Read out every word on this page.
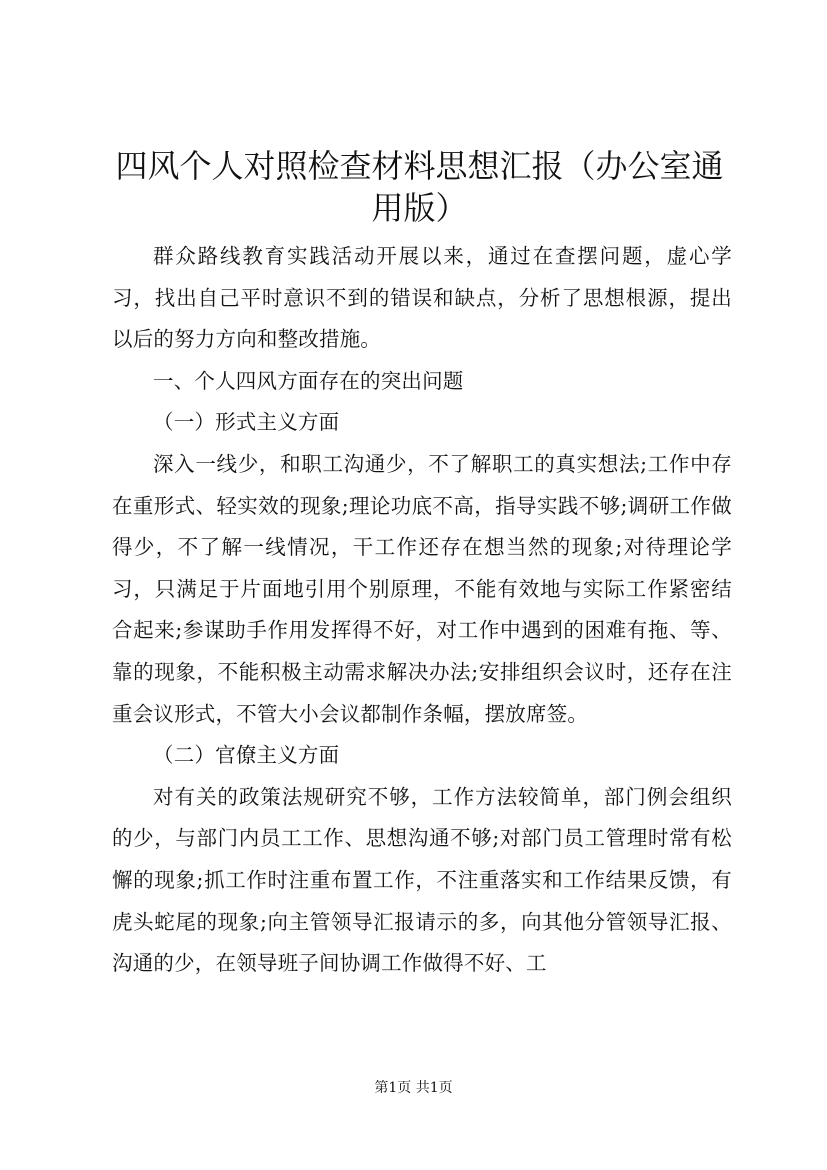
四风个人对照检查材料思想汇报（办公室通用版）

群众路线教育实践活动开展以来，通过在查摆问题，虚心学习，找出自己平时意识不到的错误和缺点，分析了思想根源，提出以后的努力方向和整改措施。

一、个人四风方面存在的突出问题

（一）形式主义方面

深入一线少，和职工沟通少，不了解职工的真实想法;工作中存在重形式、轻实效的现象;理论功底不高，指导实践不够;调研工作做得少，不了解一线情况，干工作还存在想当然的现象;对待理论学习，只满足于片面地引用个别原理，不能有效地与实际工作紧密结合起来;参谋助手作用发挥得不好，对工作中遇到的困难有拖、等、靠的现象，不能积极主动需求解决办法;安排组织会议时，还存在注重会议形式，不管大小会议都制作条幅，摆放席签。

（二）官僚主义方面

对有关的政策法规研究不够，工作方法较简单，部门例会组织的少，与部门内员工工作、思想沟通不够;对部门员工管理时常有松懈的现象;抓工作时注重布置工作，不注重落实和工作结果反馈，有虎头蛇尾的现象;向主管领导汇报请示的多，向其他分管领导汇报、沟通的少，在领导班子间协调工作做得不好、工

第1页 共1页
